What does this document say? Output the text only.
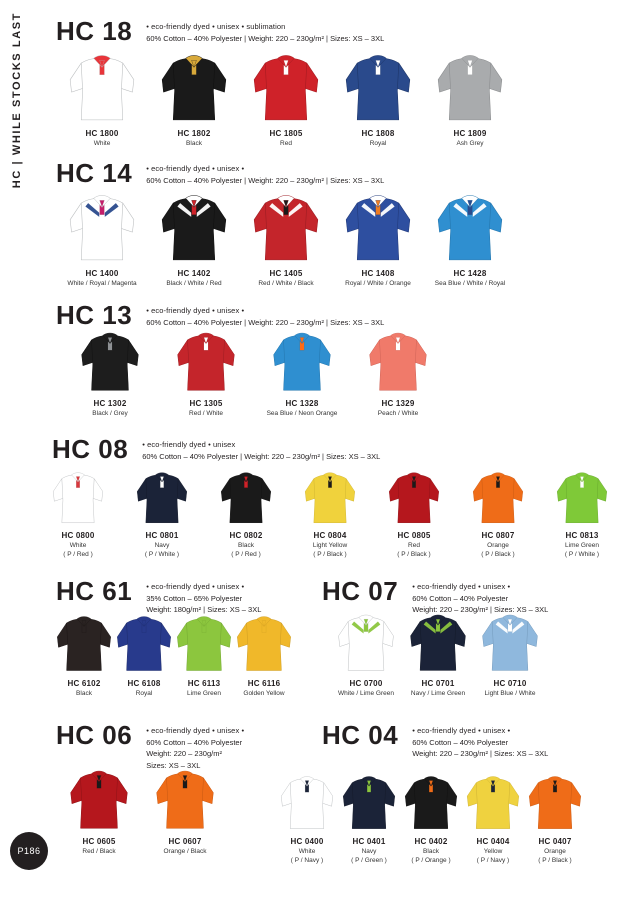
HC | WHILE STOCKS LAST
P186
HC 18 • eco-friendly dyed • unisex • sublimation
60% Cotton – 40% Polyester | Weight: 220 – 230g/m² | Sizes: XS – 3XL
HC 1800
White
HC 1802
Black
HC 1805
Red
HC 1808
Royal
HC 1809
Ash Grey
HC 14 • eco-friendly dyed • unisex •
60% Cotton – 40% Polyester | Weight: 220 – 230g/m² | Sizes: XS – 3XL
HC 1400
White / Royal / Magenta
HC 1402
Black / White / Red
HC 1405
Red / White / Black
HC 1408
Royal / White / Orange
HC 1428
Sea Blue / White / Royal
HC 13 • eco-friendly dyed • unisex •
60% Cotton – 40% Polyester | Weight: 220 – 230g/m² | Sizes: XS – 3XL
HC 1302
Black / Grey
HC 1305
Red / White
HC 1328
Sea Blue / Neon Orange
HC 1329
Peach / White
HC 08 • eco-friendly dyed • unisex
60% Cotton – 40% Polyester | Weight: 220 – 230g/m² | Sizes: XS – 3XL
HC 0800
White
( P / Red )
HC 0801
Navy
( P / White )
HC 0802
Black
( P / Red )
HC 0804
Light Yellow
( P / Black )
HC 0805
Red
( P / Black )
HC 0807
Orange
( P / Black )
HC 0813
Lime Green
( P / White )
HC 61 • eco-friendly dyed • unisex •
35% Cotton – 65% Polyester
Weight: 180g/m² | Sizes: XS – 3XL
HC 6102
Black
HC 6108
Royal
HC 6113
Lime Green
HC 6116
Golden Yellow
HC 07 • eco-friendly dyed • unisex •
60% Cotton – 40% Polyester
Weight: 220 – 230g/m² | Sizes: XS – 3XL
HC 0700
White / Lime Green
HC 0701
Navy / Lime Green
HC 0710
Light Blue / White
HC 06 • eco-friendly dyed • unisex •
60% Cotton – 40% Polyester
Weight: 220 – 230g/m²
Sizes: XS – 3XL
HC 0605
Red / Black
HC 0607
Orange / Black
HC 04 • eco-friendly dyed • unisex •
60% Cotton – 40% Polyester
Weight: 220 – 230g/m² | Sizes: XS – 3XL
HC 0400
White
( P / Navy )
HC 0401
Navy
( P / Green )
HC 0402
Black
( P / Orange )
HC 0404
Yellow
( P / Navy )
HC 0407
Orange
( P / Black )
